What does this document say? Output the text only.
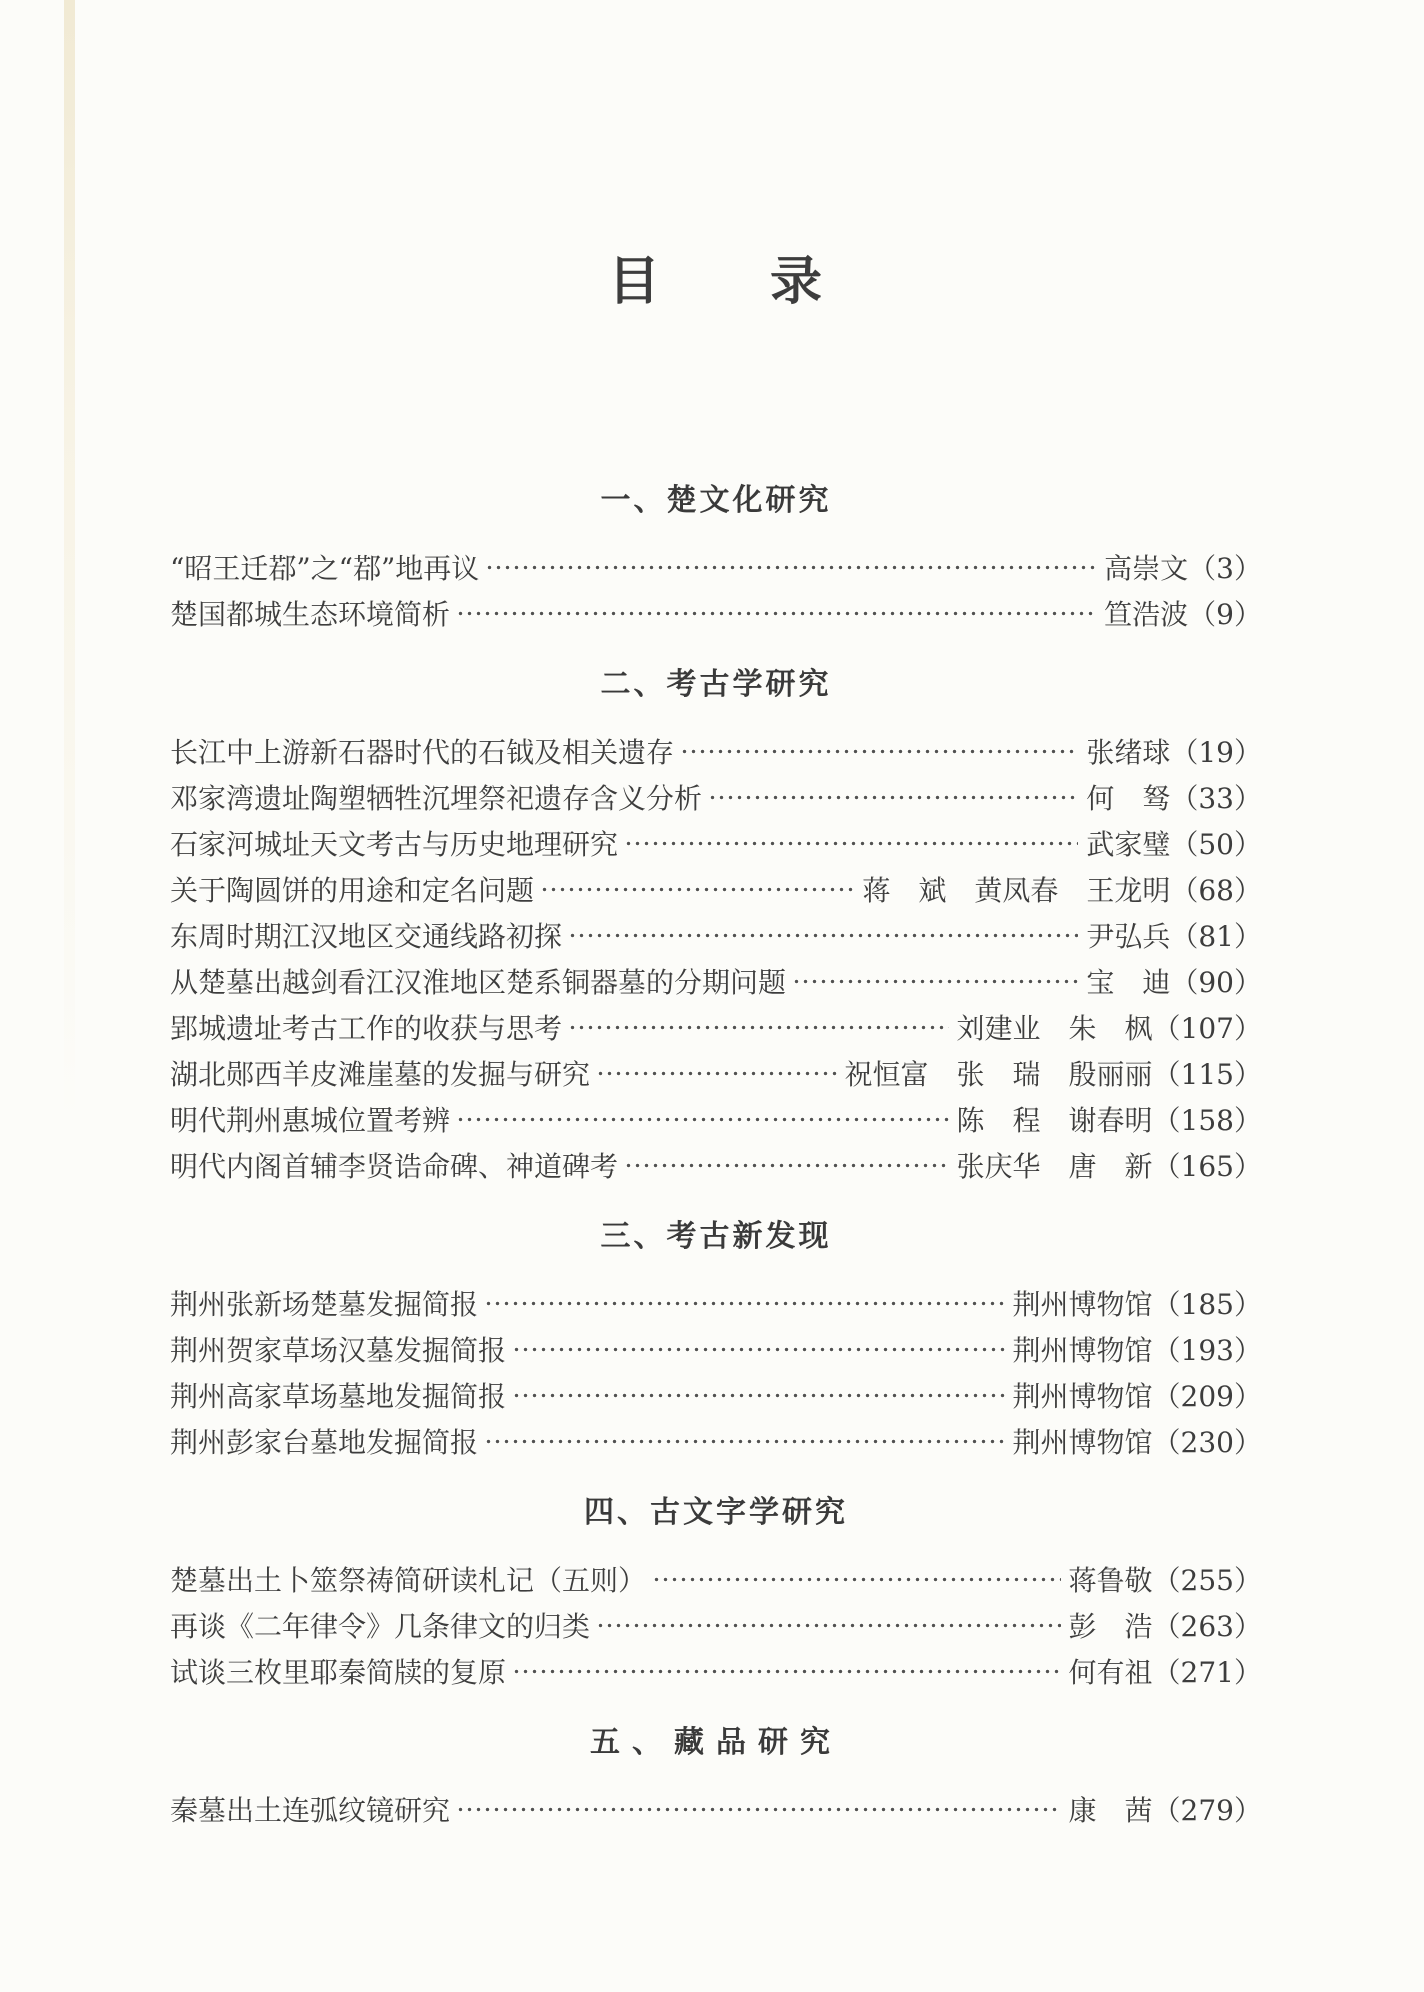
目　　录
一、楚文化研究
“昭王迁鄀”之“鄀”地再议	高崇文（3）
楚国都城生态环境简析	笪浩波（9）
二、考古学研究
长江中上游新石器时代的石钺及相关遗存	张绪球（19）
邓家湾遗址陶塑牺牲沉埋祭祀遗存含义分析	何　驽（33）
石家河城址天文考古与历史地理研究	武家璧（50）
关于陶圆饼的用途和定名问题	蒋　斌　黄凤春　王龙明（68）
东周时期江汉地区交通线路初探	尹弘兵（81）
从楚墓出越剑看江汉淮地区楚系铜器墓的分期问题	宝　迪（90）
郢城遗址考古工作的收获与思考	刘建业　朱　枫（107）
湖北郧西羊皮滩崖墓的发掘与研究	祝恒富　张　瑞　殷丽丽（115）
明代荆州惠城位置考辨	陈　程　谢春明（158）
明代内阁首辅李贤诰命碑、神道碑考	张庆华　唐　新（165）
三、考古新发现
荆州张新场楚墓发掘简报	荆州博物馆（185）
荆州贺家草场汉墓发掘简报	荆州博物馆（193）
荆州高家草场墓地发掘简报	荆州博物馆（209）
荆州彭家台墓地发掘简报	荆州博物馆（230）
四、古文字学研究
楚墓出土卜筮祭祷简研读札记（五则）	蒋鲁敬（255）
再谈《二年律令》几条律文的归类	彭　浩（263）
试谈三枚里耶秦简牍的复原	何有祖（271）
五、藏品研究
秦墓出土连弧纹镜研究	康　茜（279）
